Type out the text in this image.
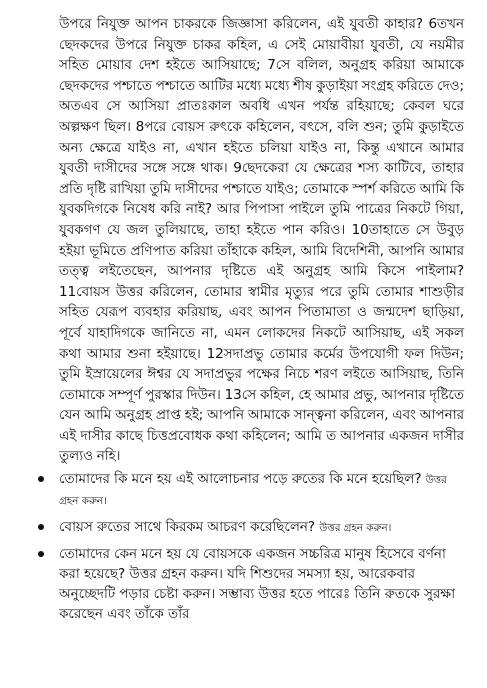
উপরে নিযুক্ত আপন চাকরকে জিজ্ঞাসা করিলেন, এই যুবতী কাহার? 6তখন ছেদকদের উপরে নিযুক্ত চাকর কহিল, এ সেই মোয়াবীয়া যুবতী, যে নয়মীর সহিত মোয়াব দেশ হইতে আসিয়াছে; 7সে বলিল, অনুগ্রহ করিয়া আমাকে ছেদকদের পশ্চাতে পশ্চাতে আটির মধ্যে মধ্যে শীষ কুড়াইয়া সংগ্রহ করিতে দেও; অতএব সে আসিয়া প্রাতঃকাল অবধি এখন পর্যন্ত রহিয়াছে; কেবল ঘরে অল্পক্ষণ ছিল। 8পরে বোয়স রুৎকে কহিলেন, বৎসে, বলি শুন; তুমি কুড়াইতে অন্য ক্ষেত্রে যাইও না, এখান হইতে চলিয়া যাইও না, কিন্তু এখানে আমার যুবতী দাসীদের সঙ্গে সঙ্গে থাক। 9ছেদকেরা যে ক্ষেত্রের শস্য কাটিবে, তাহার প্রতি দৃষ্টি রাখিয়া তুমি দাসীদের পশ্চাতে যাইও; তোমাকে স্পর্শ করিতে আমি কি যুবকদিগকে নিষেধ করি নাই? আর পিপাসা পাইলে তুমি পাত্রের নিকটে গিয়া, যুবকগণ যে জল তুলিয়াছে, তাহা হইতে পান করিও। 10তাহাতে সে উবুড় হইয়া ভূমিতে প্রণিপাত করিয়া তাঁহাকে কহিল, আমি বিদেশিনী, আপনি আমার তত্ত্ব লইতেছেন, আপনার দৃষ্টিতে এই অনুগ্রহ আমি কিসে পাইলাম? 11বোয়স উত্তর করিলেন, তোমার স্বামীর মৃত্যুর পরে তুমি তোমার শাশুড়ীর সহিত যেরূপ ব্যবহার করিয়াছ, এবং আপন পিতামাতা ও জন্মদেশ ছাড়িয়া, পূর্বে যাহাদিগকে জানিতে না, এমন লোকদের নিকটে আসিয়াছ, এই সকল কথা আমার শুনা হইয়াছে। 12সদাপ্রভু তোমার কর্মের উপযোগী ফল দিউন; তুমি ইস্রায়েলের ঈশ্বর যে সদাপ্রভুর পক্ষের নিচে শরণ লইতে আসিয়াছ, তিনি তোমাকে সম্পূর্ণ পুরস্কার দিউন। 13সে কহিল, হে আমার প্রভু, আপনার দৃষ্টিতে যেন আমি অনুগ্রহ প্রাপ্ত হই; আপনি আমাকে সান্ত্বনা করিলেন, এবং আপনার এই দাসীর কাছে চিত্তপ্রবোধক কথা কহিলেন; আমি ত আপনার একজন দাসীর তুল্যও নহি।

তোমাদের কি মনে হয় এই আলোচনার পড়ে রুতের কি মনে হয়েছিল? উত্তর গ্রহন করুন।
বোয়স রুতের সাথে কিরকম আচরণ করেছিলেন? উত্তর গ্রহন করুন।
তোমাদের কেন মনে হয় যে বোয়সকে একজন সচ্চরিত্র মানুষ হিসেবে বর্ণনা করা হয়েছে? উত্তর গ্রহন করুন। যদি শিশুদের সমস্যা হয়, আরেকবার অনুচ্ছেদটি পড়ার চেষ্টা করুন। সম্ভাব্য উত্তর হতে পারেঃ তিনি রুতকে সুরক্ষা করেছেন এবং তাঁকে তাঁর
